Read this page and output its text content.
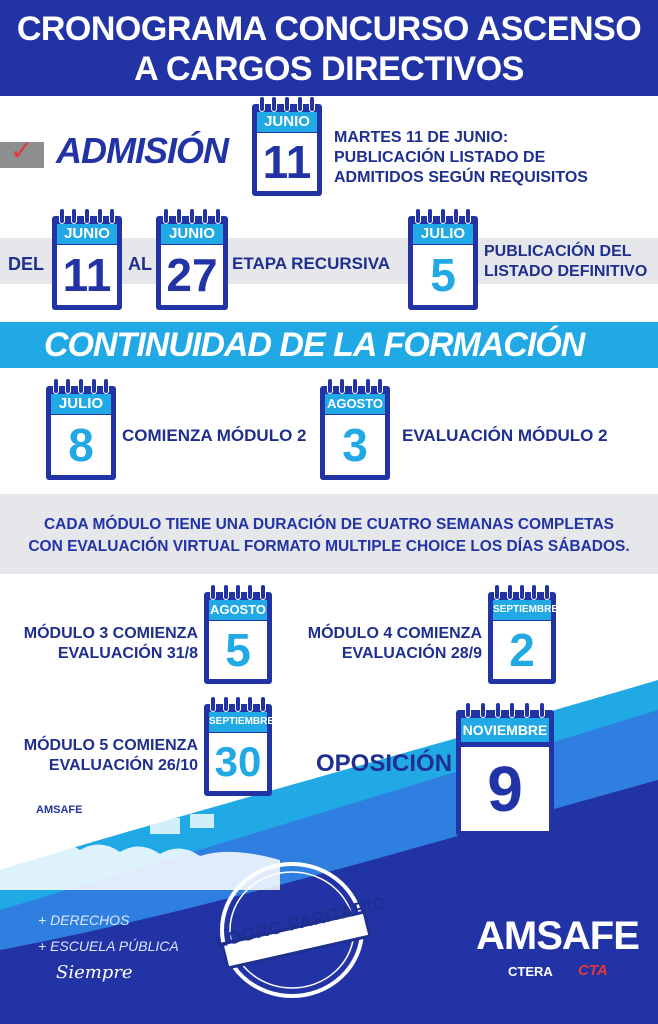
CRONOGRAMA CONCURSO ASCENSO
A CARGOS DIRECTIVOS
✓ ADMISIÓN
JUNIO
11	MARTES 11 DE JUNIO:
PUBLICACIÓN LISTADO DE
ADMITIDOS SEGÚN REQUISITOS
DEL
JUNIO
11 AL
JUNIO
27 ETAPA RECURSIVA
JULIO
5	PUBLICACIÓN DEL
LISTADO DEFINITIVO
CONTINUIDAD DE LA FORMACIÓN
JULIO
8	COMIENZA MÓDULO 2
AGOSTO
3	EVALUACIÓN MÓDULO 2
CADA MÓDULO TIENE UNA DURACIÓN DE CUATRO SEMANAS COMPLETAS
CON EVALUACIÓN VIRTUAL FORMATO MULTIPLE CHOICE LOS DÍAS SÁBADOS.
MÓDULO 3 COMIENZA
EVALUACIÓN 31/8
AGOSTO
5	MÓDULO 4 COMIENZA
EVALUACIÓN 28/9
SEPTIEMBRE
2
MÓDULO 5 COMIENZA
EVALUACIÓN 26/10
SEPTIEMBRE
30 OPOSICIÓN
NOVIEMBRE
9
AMSAFE
LOGRO PARITARIO
+ DERECHOS
+ ESCUELA PÚBLICA
Siempre
AMSAFE
CTERA CTA
